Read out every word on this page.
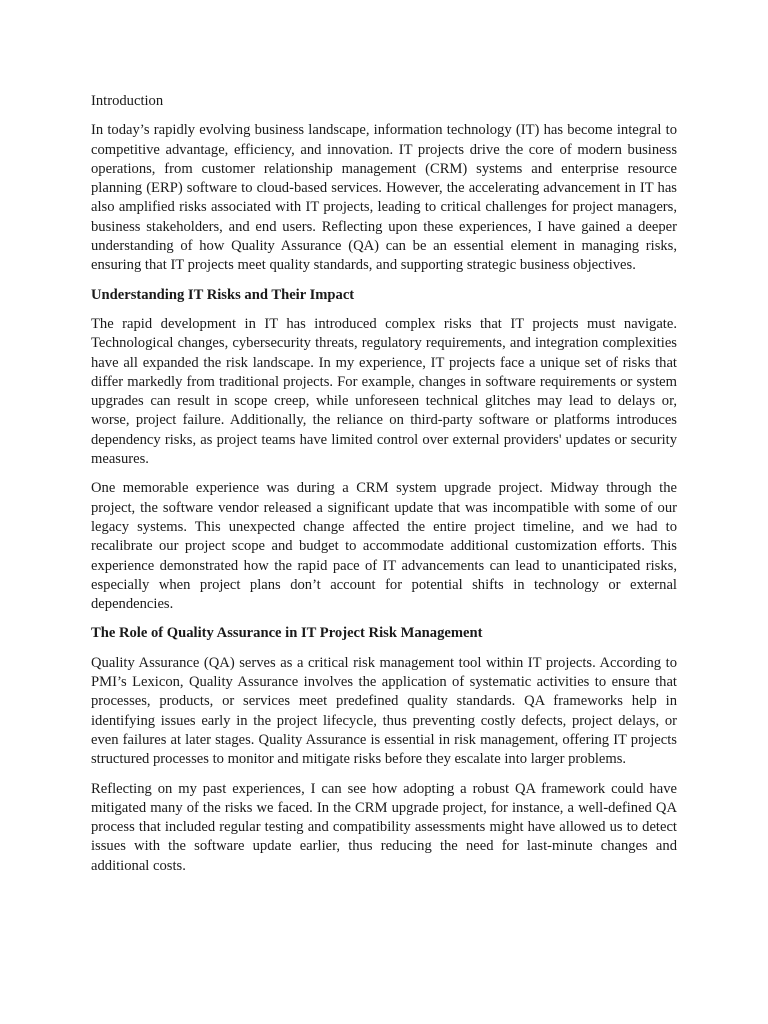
Introduction

In today’s rapidly evolving business landscape, information technology (IT) has become integral to competitive advantage, efficiency, and innovation. IT projects drive the core of modern business operations, from customer relationship management (CRM) systems and enterprise resource planning (ERP) software to cloud-based services. However, the accelerating advancement in IT has also amplified risks associated with IT projects, leading to critical challenges for project managers, business stakeholders, and end users. Reflecting upon these experiences, I have gained a deeper understanding of how Quality Assurance (QA) can be an essential element in managing risks, ensuring that IT projects meet quality standards, and supporting strategic business objectives.

Understanding IT Risks and Their Impact

The rapid development in IT has introduced complex risks that IT projects must navigate. Technological changes, cybersecurity threats, regulatory requirements, and integration complexities have all expanded the risk landscape. In my experience, IT projects face a unique set of risks that differ markedly from traditional projects. For example, changes in software requirements or system upgrades can result in scope creep, while unforeseen technical glitches may lead to delays or, worse, project failure. Additionally, the reliance on third-party software or platforms introduces dependency risks, as project teams have limited control over external providers' updates or security measures.

One memorable experience was during a CRM system upgrade project. Midway through the project, the software vendor released a significant update that was incompatible with some of our legacy systems. This unexpected change affected the entire project timeline, and we had to recalibrate our project scope and budget to accommodate additional customization efforts. This experience demonstrated how the rapid pace of IT advancements can lead to unanticipated risks, especially when project plans don’t account for potential shifts in technology or external dependencies.

The Role of Quality Assurance in IT Project Risk Management

Quality Assurance (QA) serves as a critical risk management tool within IT projects. According to PMI’s Lexicon, Quality Assurance involves the application of systematic activities to ensure that processes, products, or services meet predefined quality standards. QA frameworks help in identifying issues early in the project lifecycle, thus preventing costly defects, project delays, or even failures at later stages. Quality Assurance is essential in risk management, offering IT projects structured processes to monitor and mitigate risks before they escalate into larger problems.

Reflecting on my past experiences, I can see how adopting a robust QA framework could have mitigated many of the risks we faced. In the CRM upgrade project, for instance, a well-defined QA process that included regular testing and compatibility assessments might have allowed us to detect issues with the software update earlier, thus reducing the need for last-minute changes and additional costs.
